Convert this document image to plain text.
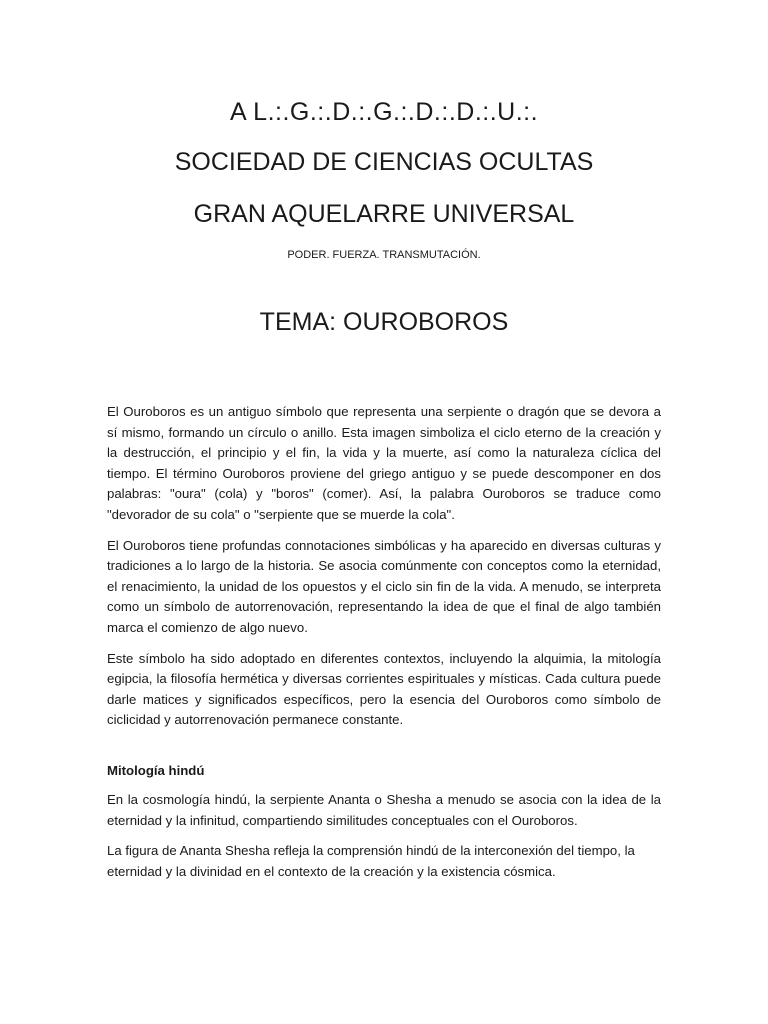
A L.:.G.:.D.:.G.:.D.:.D.:.U.:.
SOCIEDAD DE CIENCIAS OCULTAS
GRAN AQUELARRE UNIVERSAL

PODER. FUERZA. TRANSMUTACIÓN.

TEMA: OUROBOROS

El Ouroboros es un antiguo símbolo que representa una serpiente o dragón que se devora a sí mismo, formando un círculo o anillo. Esta imagen simboliza el ciclo eterno de la creación y la destrucción, el principio y el fin, la vida y la muerte, así como la naturaleza cíclica del tiempo. El término Ouroboros proviene del griego antiguo y se puede descomponer en dos palabras: "oura" (cola) y "boros" (comer). Así, la palabra Ouroboros se traduce como "devorador de su cola" o "serpiente que se muerde la cola".

El Ouroboros tiene profundas connotaciones simbólicas y ha aparecido en diversas culturas y tradiciones a lo largo de la historia. Se asocia comúnmente con conceptos como la eternidad, el renacimiento, la unidad de los opuestos y el ciclo sin fin de la vida. A menudo, se interpreta como un símbolo de autorrenovación, representando la idea de que el final de algo también marca el comienzo de algo nuevo.

Este símbolo ha sido adoptado en diferentes contextos, incluyendo la alquimia, la mitología egipcia, la filosofía hermética y diversas corrientes espirituales y místicas. Cada cultura puede darle matices y significados específicos, pero la esencia del Ouroboros como símbolo de ciclicidad y autorrenovación permanece constante.

Mitología hindú

En la cosmología hindú, la serpiente Ananta o Shesha a menudo se asocia con la idea de la eternidad y la infinitud, compartiendo similitudes conceptuales con el Ouroboros.

La figura de Ananta Shesha refleja la comprensión hindú de la interconexión del tiempo, la eternidad y la divinidad en el contexto de la creación y la existencia cósmica.
